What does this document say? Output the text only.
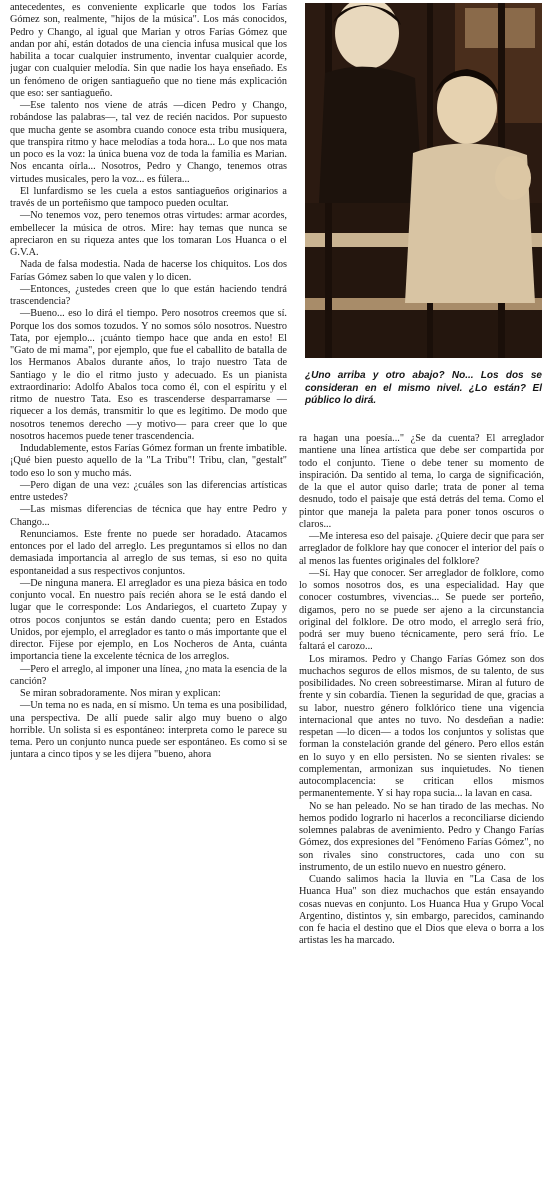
antecedentes, es conveniente explicarle que todos los Farías Gómez son, realmente, "hijos de la música". Los más conocidos, Pedro y Chango, al igual que Marian y otros Farías Gómez que andan por ahí, están dotados de una ciencia infusa musical que los habilita a tocar cualquier instrumento, inventar cualquier acorde, jugar con cualquier melodía. Sin que nadie los haya enseñado. Es un fenómeno de origen santiagueño que no tiene más explicación que eso: ser santiagueño.

—Ese talento nos viene de atrás —dicen Pedro y Chango, robándose las palabras—, tal vez de recién nacidos. Por supuesto que mucha gente se asombra cuando conoce esta tribu musiquera, que transpira ritmo y hace melodías a toda hora... Lo que nos mata un poco es la voz: la única buena voz de toda la familia es Marian. Nos encanta oírla... Nosotros, Pedro y Chango, tenemos otras virtudes musicales, pero la voz... es fúlera...

El lunfardismo se les cuela a estos santiagueños originarios a través de un porteñismo que tampoco pueden ocultar.

—No tenemos voz, pero tenemos otras virtudes: armar acordes, embellecer la música de otros. Mire: hay temas que nunca se apreciaron en su riqueza antes que los tomaran Los Huanca o el G.V.A.

Nada de falsa modestia. Nada de hacerse los chiquitos. Los dos Farías Gómez saben lo que valen y lo dicen.

—Entonces, ¿ustedes creen que lo que están haciendo tendrá trascendencia?

—Bueno... eso lo dirá el tiempo. Pero nosotros creemos que sí. Porque los dos somos tozudos. Y no somos sólo nosotros. Nuestro Tata, por ejemplo... ¡cuánto tiempo hace que anda en esto! El "Gato de mi mama", por ejemplo, que fue el caballito de batalla de los Hermanos Abalos durante años, lo trajo nuestro Tata de Santiago y le dio el ritmo justo y adecuado. Es un pianista extraordinario: Adolfo Abalos toca como él, con el espíritu y el ritmo de nuestro Tata. Eso es trascenderse desparramarse —riquecer a los demás, transmitir lo que es legítimo. De modo que nosotros tenemos derecho —y motivo— para creer que lo que nosotros hacemos puede tener trascendencia.

Indudablemente, estos Farías Gómez forman un frente imbatible. ¡Qué bien puesto aquello de la "La Tribu"! Tribu, clan, "gestalt" todo eso lo son y mucho más.

—Pero digan de una vez: ¿cuáles son las diferencias artísticas entre ustedes?

—Las mismas diferencias de técnica que hay entre Pedro y Chango...

Renunciamos. Este frente no puede ser horadado. Atacamos entonces por el lado del arreglo. Les preguntamos si ellos no dan demasiada importancia al arreglo de sus temas, si eso no quita espontaneidad a sus respectivos conjuntos.

—De ninguna manera. El arreglador es una pieza básica en todo conjunto vocal. En nuestro país recién ahora se le está dando el lugar que le corresponde: Los Andariegos, el cuarteto Zupay y otros pocos conjuntos se están dando cuenta; pero en Estados Unidos, por ejemplo, el arreglador es tanto o más importante que el director. Fíjese por ejemplo, en Los Nocheros de Anta, cuánta importancia tiene la excelente técnica de los arreglos.

—Pero el arreglo, al imponer una línea, ¿no mata la esencia de la canción?

Se miran sobradoramente. Nos miran y explican:

—Un tema no es nada, en sí mismo. Un tema es una posibilidad, una perspectiva. De allí puede salir algo muy bueno o algo horrible. Un solista si es espontáneo: interpreta como le parece su tema. Pero un conjunto nunca puede ser espontáneo. Es como si se juntara a cinco tipos y se les dijera "bueno, ahora

¿Uno arriba y otro abajo? No... Los dos se consideran en el mismo nivel. ¿Lo están? El público lo dirá.

ra hagan una poesía..." ¿Se da cuenta? El arreglador mantiene una línea artística que debe ser compartida por todo el conjunto. Tiene o debe tener su momento de inspiración. Da sentido al tema, lo carga de significación, de la que el autor quiso darle; trata de poner al tema desnudo, todo el paisaje que está detrás del tema. Como el pintor que maneja la paleta para poner tonos oscuros o claros...

—Me interesa eso del paisaje. ¿Quiere decir que para ser arreglador de folklore hay que conocer el interior del país o al menos las fuentes originales del folklore?

—Sí. Hay que conocer. Ser arreglador de folklore, como lo somos nosotros dos, es una especialidad. Hay que conocer costumbres, vivencias... Se puede ser porteño, digamos, pero no se puede ser ajeno a la circunstancia original del folklore. De otro modo, el arreglo será frío, podrá ser muy bueno técnicamente, pero será frío. Le faltará el carozo...

Los miramos. Pedro y Chango Farías Gómez son dos muchachos seguros de ellos mismos, de su talento, de sus posibilidades. No creen sobreestimarse. Miran al futuro de frente y sin cobardía. Tienen la seguridad de que, gracias a su labor, nuestro género folklórico tiene una vigencia internacional que antes no tuvo. No desdeñan a nadie: respetan —lo dicen— a todos los conjuntos y solistas que forman la constelación grande del género. Pero ellos están en lo suyo y en ello persisten. No se sienten rivales: se complementan, armonizan sus inquietudes. No tienen autocomplacencia: se critican ellos mismos permanentemente. Y si hay ropa sucia... la lavan en casa.

No se han peleado. No se han tirado de las mechas. No hemos podido lograrlo ni hacerlos a reconciliarse diciendo solemnes palabras de avenimiento. Pedro y Chango Farías Gómez, dos expresiones del "Fenómeno Farías Gómez", no son rivales sino constructores, cada uno con su instrumento, de un estilo nuevo en nuestro género.

Cuando salimos hacia la lluvia en "La Casa de los Huanca Hua" son diez muchachos que están ensayando cosas nuevas en conjunto. Los Huanca Hua y Grupo Vocal Argentino, distintos y, sin embargo, parecidos, caminando con fe hacia el destino que el Dios que eleva o borra a los artistas les ha marcado.
